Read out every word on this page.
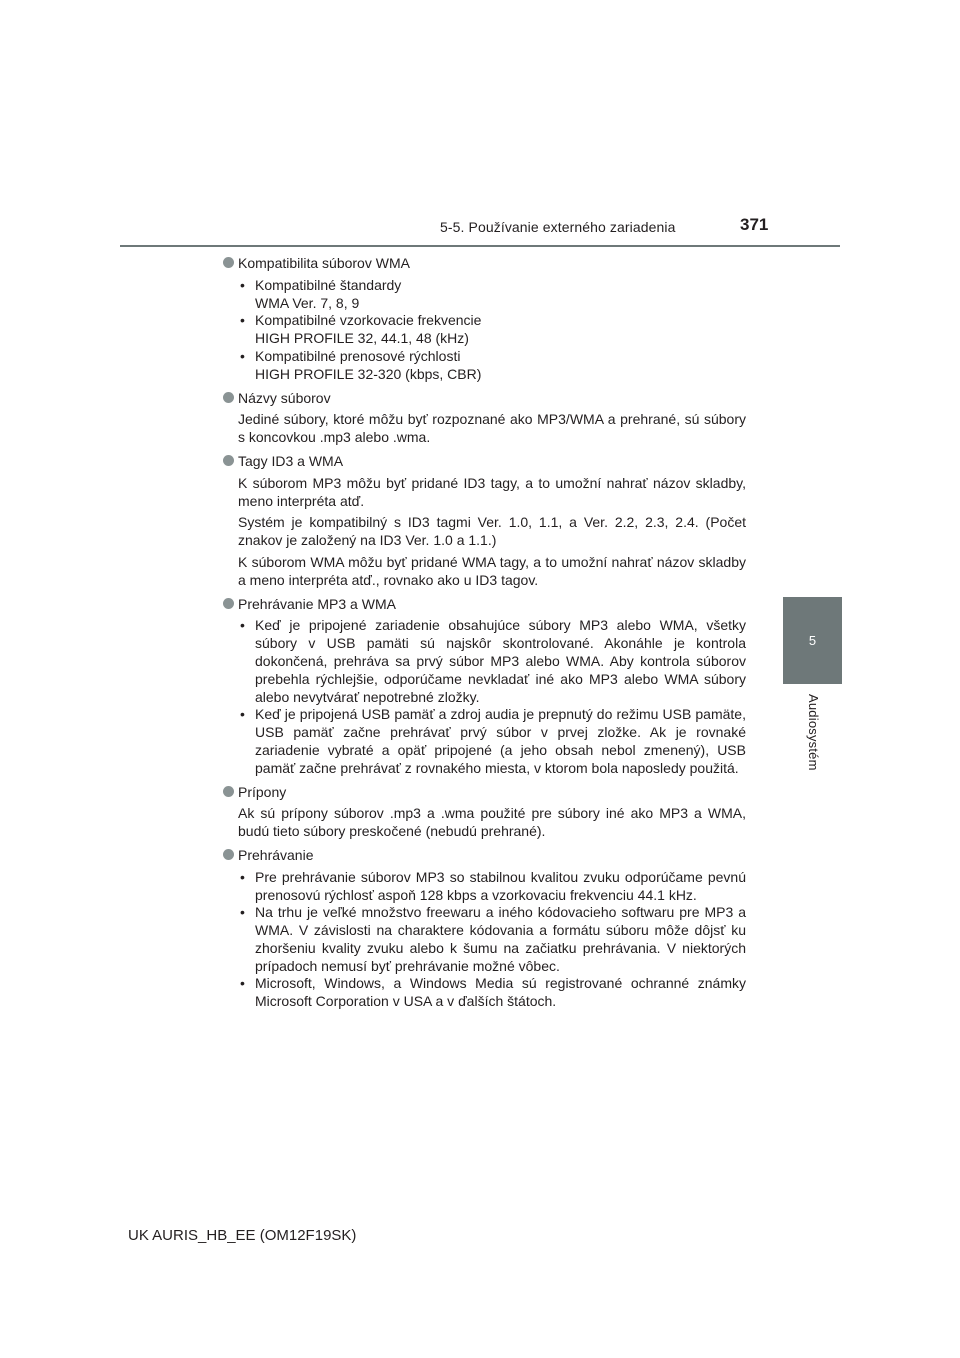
5-5. Používanie externého zariadenia	371
5
Audiosystém
Kompatibilita súborov WMA
• Kompatibilné štandardy
WMA Ver. 7, 8, 9
• Kompatibilné vzorkovacie frekvencie
HIGH PROFILE 32, 44.1, 48 (kHz)
• Kompatibilné prenosové rýchlosti
HIGH PROFILE 32-320 (kbps, CBR)
Názvy súborov
Jediné súbory, ktoré môžu byť rozpoznané ako MP3/WMA a prehrané, sú súbory s koncovkou .mp3 alebo .wma.
Tagy ID3 a WMA
K súborom MP3 môžu byť pridané ID3 tagy, a to umožní nahrať názov skladby, meno interpréta atď.
Systém je kompatibilný s ID3 tagmi Ver. 1.0, 1.1, a Ver. 2.2, 2.3, 2.4. (Počet znakov je založený na ID3 Ver. 1.0 a 1.1.)
K súborom WMA môžu byť pridané WMA tagy, a to umožní nahrať názov skladby a meno interpréta atď., rovnako ako u ID3 tagov.
Prehrávanie MP3 a WMA
• Keď je pripojené zariadenie obsahujúce súbory MP3 alebo WMA, všetky súbory v USB pamäti sú najskôr skontrolované. Akonáhle je kontrola dokončená, prehráva sa prvý súbor MP3 alebo WMA. Aby kontrola súborov prebehla rýchlejšie, odporúčame nevkladať iné ako MP3 alebo WMA súbory alebo nevytvárať nepotrebné zložky.
• Keď je pripojená USB pamäť a zdroj audia je prepnutý do režimu USB pamäte, USB pamäť začne prehrávať prvý súbor v prvej zložke. Ak je rovnaké zariadenie vybraté a opäť pripojené (a jeho obsah nebol zmenený), USB pamäť začne prehrávať z rovnakého miesta, v ktorom bola naposledy použitá.
Prípony
Ak sú prípony súborov .mp3 a .wma použité pre súbory iné ako MP3 a WMA, budú tieto súbory preskočené (nebudú prehrané).
Prehrávanie
• Pre prehrávanie súborov MP3 so stabilnou kvalitou zvuku odporúčame pevnú prenosovú rýchlosť aspoň 128 kbps a vzorkovaciu frekvenciu 44.1 kHz.
• Na trhu je veľké množstvo freewaru a iného kódovacieho softwaru pre MP3 a WMA. V závislosti na charaktere kódovania a formátu súboru môže dôjsť ku zhoršeniu kvality zvuku alebo k šumu na začiatku prehrávania. V niektorých prípadoch nemusí byť prehrávanie možné vôbec.
• Microsoft, Windows, a Windows Media sú registrované ochranné známky Microsoft Corporation v USA a v ďalších štátoch.
UK AURIS_HB_EE (OM12F19SK)
